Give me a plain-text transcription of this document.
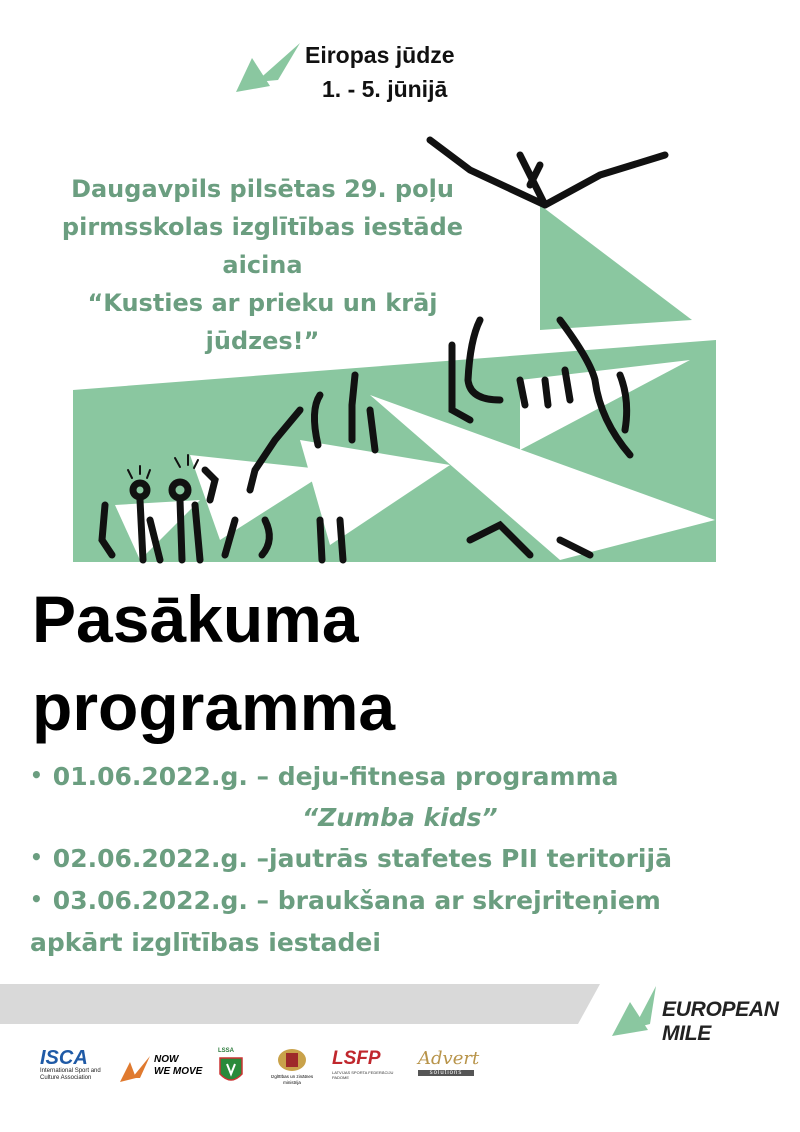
Eiropas jūdze
1. - 5. jūnijā
Daugavpils pilsētas 29. poļu
pirmsskolas izglītības iestāde
aicina
“Kusties ar prieku un krāj
jūdzes!”
Pasākuma
programma
• 01.06.2022.g. – deju-fitnesa programma
“Zumba kids”
• 02.06.2022.g. –jautrās stafetes PII teritorijā
• 03.06.2022.g. – braukšana ar skrejriteņiem
apkārt izglītības iestadei
EUROPEAN MILE
ISCA
International Sport and
Culture Association
NOW
WE MOVE
LSSA
Izglītības un zinātnes
ministrija
LSFP
LATVIJAS SPORTA FEDERĀCIJU PADOME
Advert
solutions
